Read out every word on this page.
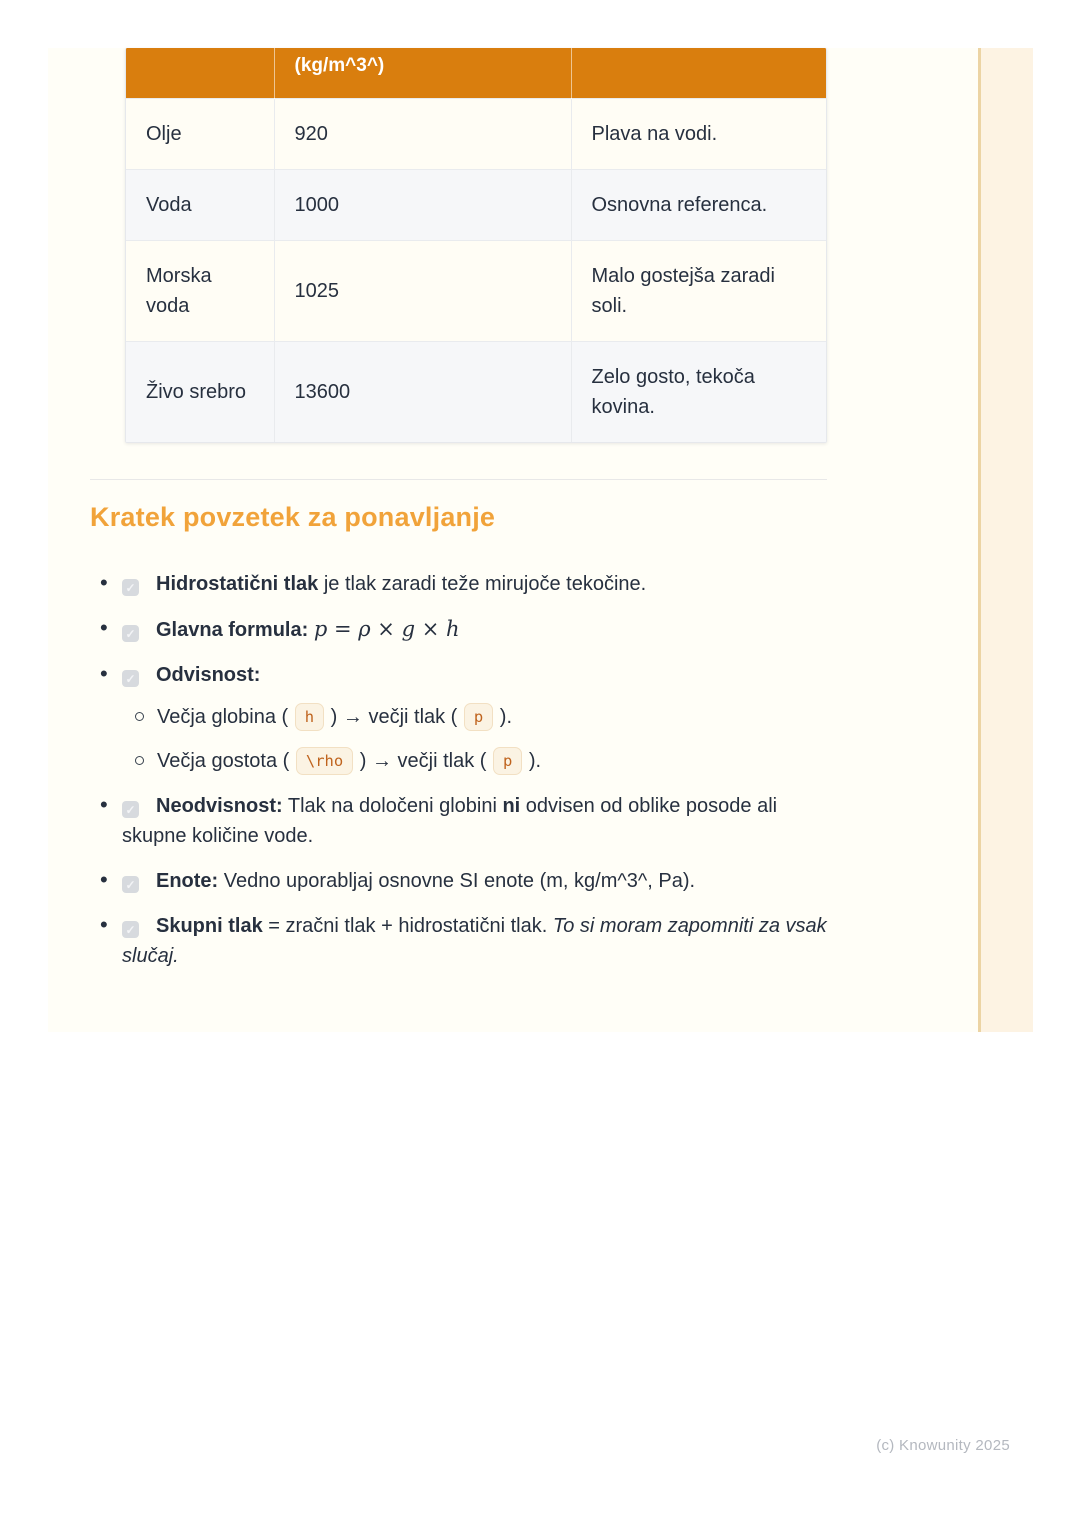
	(kg/m^3^)	
Olje	920	Plava na vodi.
Voda	1000	Osnovna referenca.
Morska voda	1025	Malo gostejša zaradi soli.
Živo srebro	13600	Zelo gosto, tekoča kovina.
Kratek povzetek za ponavljanje
• ✓ Hidrostatični tlak je tlak zaradi teže mirujoče tekočine.
• ✓ Glavna formula: p = ρ × g × h
• ✓ Odvisnost:
Večja globina ( h ) → večji tlak ( p ).
Večja gostota ( \rho ) → večji tlak ( p ).
• ✓ Neodvisnost: Tlak na določeni globini ni odvisen od oblike posode ali skupne količine vode.
• ✓ Enote: Vedno uporabljaj osnovne SI enote (m, kg/m^3^, Pa).
• ✓ Skupni tlak = zračni tlak + hidrostatični tlak. To si moram zapomniti za vsak slučaj.
(c) Knowunity 2025
